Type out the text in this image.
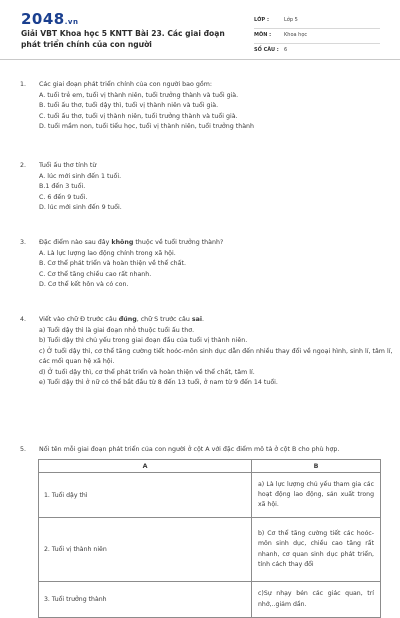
2048.vn
Giải VBT Khoa học 5 KNTT Bài 23. Các giai đoạn phát triển chính của con người
LỚP :	Lớp 5
MÔN :	Khoa học
SỐ CÂU : 6
1. Các giai đoạn phát triển chính của con người bao gồm:
A. tuổi trẻ em, tuổi vị thành niên, tuổi trưởng thành và tuổi già.
B. tuổi ấu thơ, tuổi dậy thì, tuổi vị thành niên và tuổi già.
C. tuổi ấu thơ, tuổi vị thành niên, tuổi trưởng thành và tuổi già.
D. tuổi mầm non, tuổi tiểu học, tuổi vị thành niên, tuổi trưởng thành
2. Tuổi ấu thơ tính từ
A. lúc mới sinh đến 1 tuổi.
B.1 đến 3 tuổi.
C. 6 đến 9 tuổi.
D. lúc mới sinh đến 9 tuổi.
3. Đặc điểm nào sau đây không thuộc về tuổi trưởng thành?
A. Là lực lượng lao động chính trong xã hội.
B. Cơ thể phát triển và hoàn thiện về thể chất.
C. Cơ thể tăng chiều cao rất nhanh.
D. Cơ thể kết hôn và có con.
4. Viết vào chữ Đ trước câu đúng, chữ S trước câu sai.
a) Tuổi dậy thì là giai đoạn nhỏ thuộc tuổi ấu thơ.
b) Tuổi dậy thì chủ yếu trong giai đoạn đầu của tuổi vị thành niên.
c) Ở tuổi dậy thì, cơ thể tăng cường tiết hoóc-môn sinh dục dẫn đến nhiều thay đổi về ngoại hình, sinh lí, tâm lí, các mối quan hệ xã hội.
d) Ở tuổi dậy thì, cơ thể phát triển và hoàn thiện về thể chất, tâm lí.
e) Tuổi dậy thì ở nữ có thể bắt đầu từ 8 đến 13 tuổi, ở nam từ 9 đến 14 tuổi.
5. Nối tên mỗi giai đoạn phát triển của con người ở cột A với đặc điểm mô tả ở cột B cho phù hợp.
A	B
1. Tuổi dậy thì	a) Là lực lượng chủ yếu tham gia các hoạt động lao động, sản xuất trong xã hội.
2. Tuổi vị thành niên	b) Cơ thể tăng cường tiết các hoóc-môn sinh dục, chiều cao tăng rất nhanh, cơ quan sinh dục phát triển, tính cách thay đổi
3. Tuổi trưởng thành	c)Sự nhạy bén các giác quan, trí nhớ,..giảm dần.
